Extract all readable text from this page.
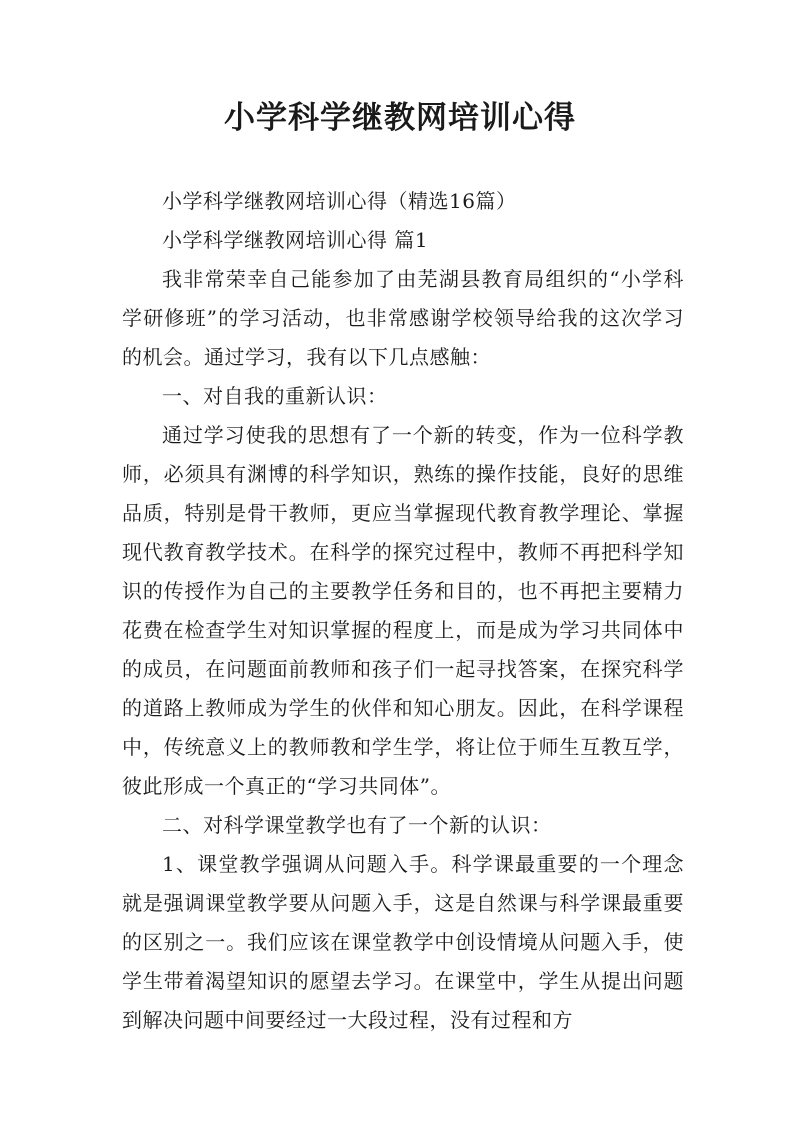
小学科学继教网培训心得

小学科学继教网培训心得（精选16篇）

小学科学继教网培训心得 篇1

我非常荣幸自己能参加了由芜湖县教育局组织的“小学科学研修班”的学习活动，也非常感谢学校领导给我的这次学习的机会。通过学习，我有以下几点感触：

一、对自我的重新认识：

通过学习使我的思想有了一个新的转变，作为一位科学教师，必须具有渊博的科学知识，熟练的操作技能，良好的思维品质，特别是骨干教师，更应当掌握现代教育教学理论、掌握现代教育教学技术。在科学的探究过程中，教师不再把科学知识的传授作为自己的主要教学任务和目的，也不再把主要精力花费在检查学生对知识掌握的程度上，而是成为学习共同体中的成员，在问题面前教师和孩子们一起寻找答案，在探究科学的道路上教师成为学生的伙伴和知心朋友。因此，在科学课程中，传统意义上的教师教和学生学，将让位于师生互教互学，彼此形成一个真正的“学习共同体”。

二、对科学课堂教学也有了一个新的认识：

1、课堂教学强调从问题入手。科学课最重要的一个理念就是强调课堂教学要从问题入手，这是自然课与科学课最重要的区别之一。我们应该在课堂教学中创设情境从问题入手，使学生带着渴望知识的愿望去学习。在课堂中，学生从提出问题到解决问题中间要经过一大段过程，没有过程和方
